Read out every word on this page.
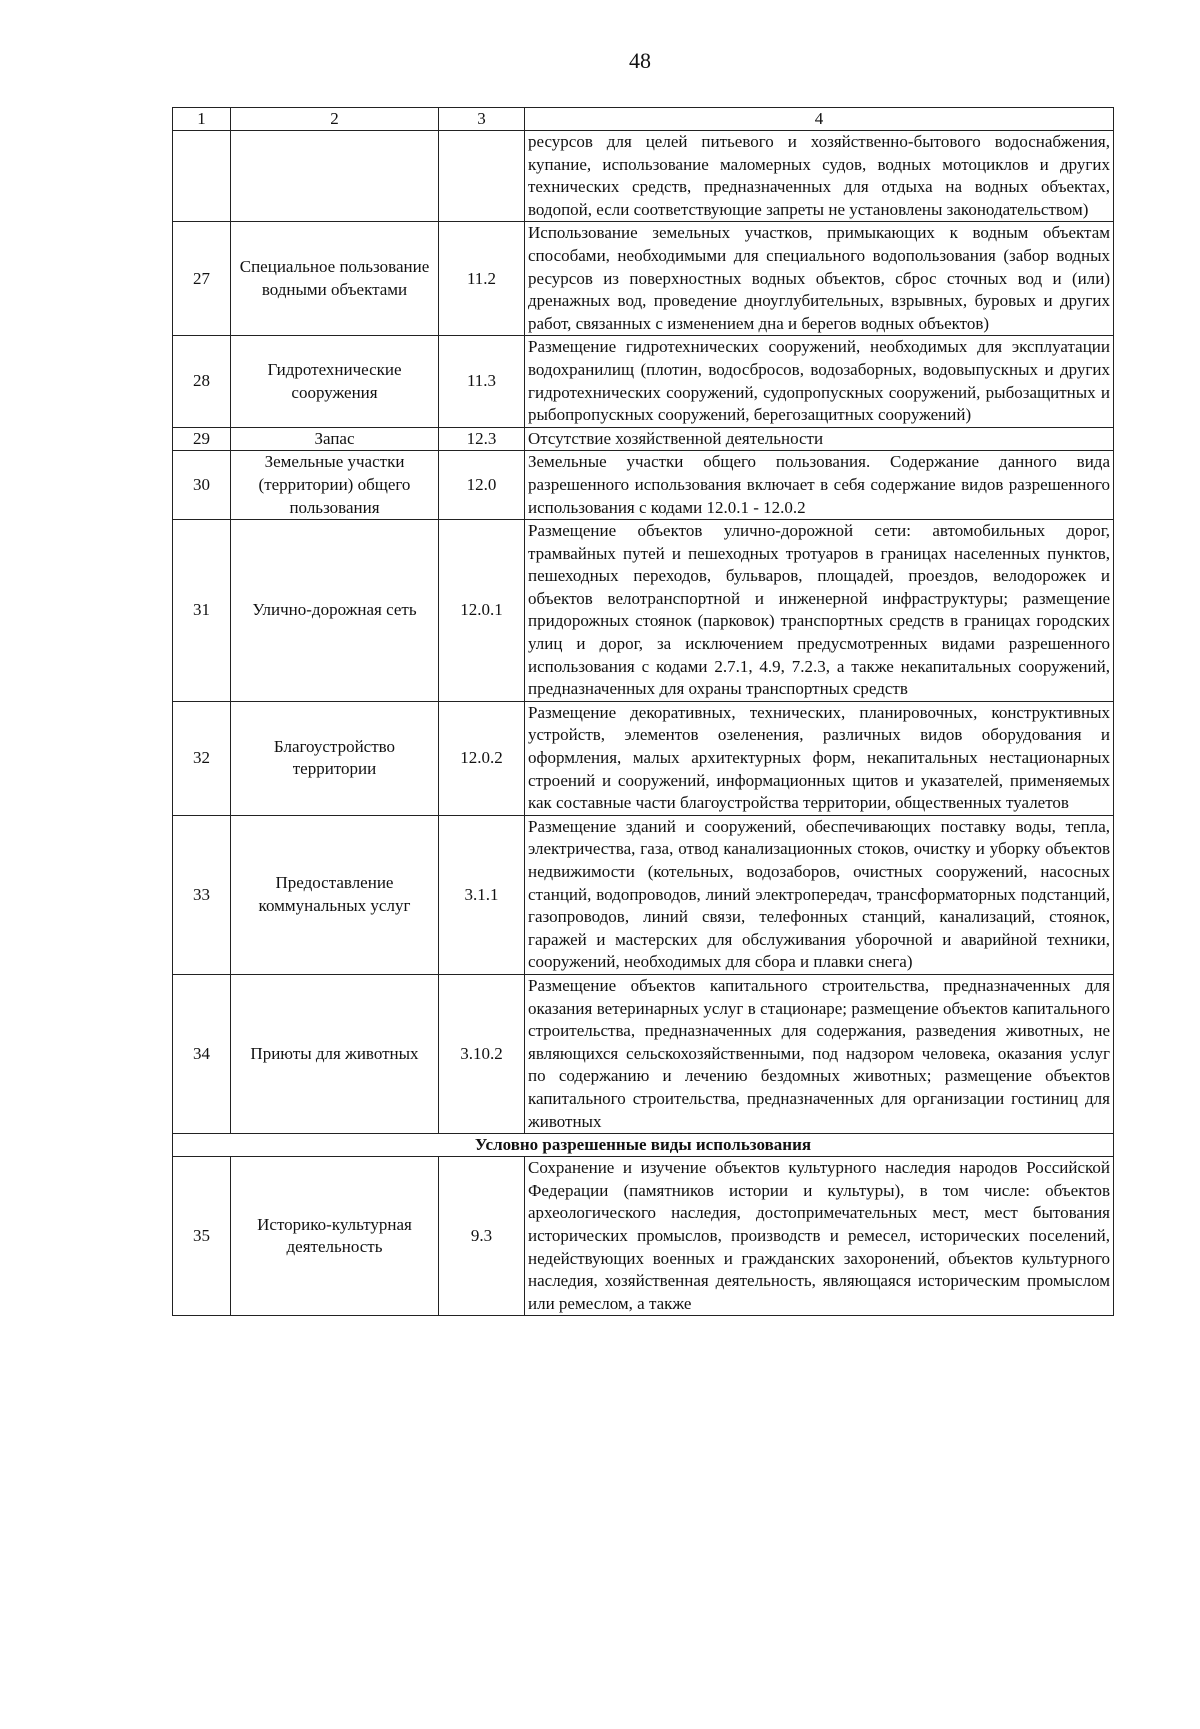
48
1	2	3	4
			ресурсов для целей питьевого и хозяйственно-бытового водоснабжения, купание, использование маломерных судов, водных мотоциклов и других технических средств, предназначенных для отдыха на водных объектах, водопой, если соответствующие запреты не установлены законодательством)
27	Специальное пользование водными объектами	11.2	Использование земельных участков, примыкающих к водным объектам способами, необходимыми для специального водопользования (забор водных ресурсов из поверхностных водных объектов, сброс сточных вод и (или) дренажных вод, проведение дноуглубительных, взрывных, буровых и других работ, связанных с изменением дна и берегов водных объектов)
28	Гидротехнические сооружения	11.3	Размещение гидротехнических сооружений, необходимых для эксплуатации водохранилищ (плотин, водосбросов, водозаборных, водовыпускных и других гидротехнических сооружений, судопропускных сооружений, рыбозащитных и рыбопропускных сооружений, берегозащитных сооружений)
29	Запас	12.3	Отсутствие хозяйственной деятельности
30	Земельные участки (территории) общего пользования	12.0	Земельные участки общего пользования. Содержание данного вида разрешенного использования включает в себя содержание видов разрешенного использования с кодами 12.0.1 - 12.0.2
31	Улично-дорожная сеть	12.0.1	Размещение объектов улично-дорожной сети: автомобильных дорог, трамвайных путей и пешеходных тротуаров в границах населенных пунктов, пешеходных переходов, бульваров, площадей, проездов, велодорожек и объектов велотранспортной и инженерной инфраструктуры; размещение придорожных стоянок (парковок) транспортных средств в границах городских улиц и дорог, за исключением предусмотренных видами разрешенного использования с кодами 2.7.1, 4.9, 7.2.3, а также некапитальных сооружений, предназначенных для охраны транспортных средств
32	Благоустройство территории	12.0.2	Размещение декоративных, технических, планировочных, конструктивных устройств, элементов озеленения, различных видов оборудования и оформления, малых архитектурных форм, некапитальных нестационарных строений и сооружений, информационных щитов и указателей, применяемых как составные части благоустройства территории, общественных туалетов
33	Предоставление коммунальных услуг	3.1.1	Размещение зданий и сооружений, обеспечивающих поставку воды, тепла, электричества, газа, отвод канализационных стоков, очистку и уборку объектов недвижимости (котельных, водозаборов, очистных сооружений, насосных станций, водопроводов, линий электропередач, трансформаторных подстанций, газопроводов, линий связи, телефонных станций, канализаций, стоянок, гаражей и мастерских для обслуживания уборочной и аварийной техники, сооружений, необходимых для сбора и плавки снега)
34	Приюты для животных	3.10.2	Размещение объектов капитального строительства, предназначенных для оказания ветеринарных услуг в стационаре; размещение объектов капитального строительства, предназначенных для содержания, разведения животных, не являющихся сельскохозяйственными, под надзором человека, оказания услуг по содержанию и лечению бездомных животных; размещение объектов капитального строительства, предназначенных для организации гостиниц для животных
Условно разрешенные виды использования			
35	Историко-культурная деятельность	9.3	Сохранение и изучение объектов культурного наследия народов Российской Федерации (памятников истории и культуры), в том числе: объектов археологического наследия, достопримечательных мест, мест бытования исторических промыслов, производств и ремесел, исторических поселений, недействующих военных и гражданских захоронений, объектов культурного наследия, хозяйственная деятельность, являющаяся историческим промыслом или ремеслом, а также
